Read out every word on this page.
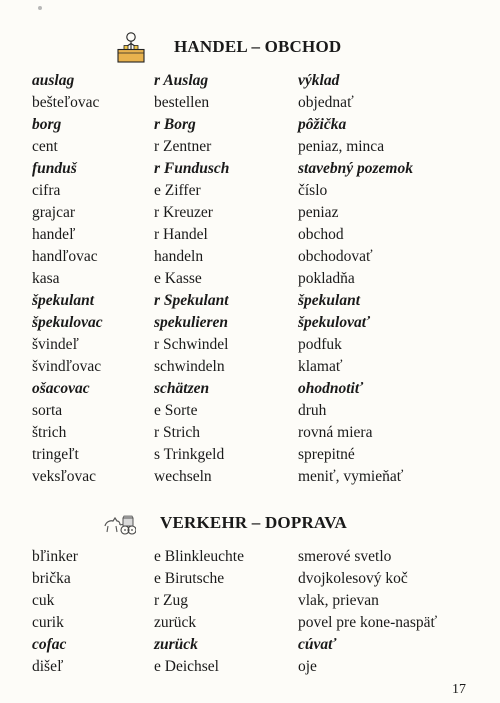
HANDEL – OBCHOD
auslag	r Auslag	výklad
bešteľovac	bestellen	objednať
borg	r Borg	pôžička
cent	r Zentner	peniaz, minca
funduš	r Fundusch	stavebný pozemok
cifra	e Ziffer	číslo
grajcar	r Kreuzer	peniaz
handeľ	r Handel	obchod
handľovac	handeln	obchodovať
kasa	e Kasse	pokladňa
špekulant	r Spekulant	špekulant
špekulovac	spekulieren	špekulovať
švindeľ	r Schwindel	podfuk
švindľovac	schwindeln	klamať
ošacovac	schätzen	ohodnotiť
sorta	e Sorte	druh
štrich	r Strich	rovná miera
tringeľt	s Trinkgeld	sprepitné
veksľovac	wechseln	meniť, vymieňať
VERKEHR – DOPRAVA
bľinker	e Blinkleuchte	smerové svetlo
brička	e Birutsche	dvojkolesový koč
cuk	r Zug	vlak, prievan
curik	zurück	povel pre kone-naspäť
cofac	zurück	cúvať
dišeľ	e Deichsel	oje
17
